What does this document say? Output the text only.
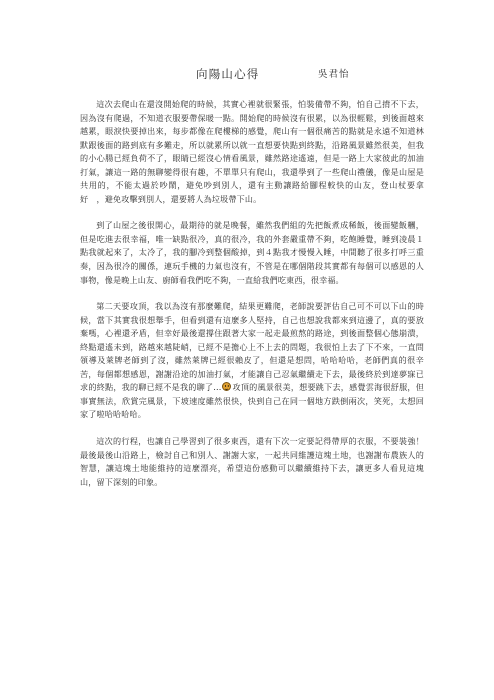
向陽山心得	吳君怡

這次去爬山在還沒開始爬的時候，其實心裡就很緊張，怕裝備帶不夠，怕自己揹不下去，因為沒有爬過，不知道衣服要帶保暖一點。開始爬的時候沒有很累，以為很輕鬆，到後面越來越累，眼淚快要掉出來，每步都像在爬樓梯的感覺，爬山有一個很痛苦的點就是永遠不知道林默跟後面的路到底有多難走，所以就累所以就一直想要快點到終點，沿路風景雖然很美，但我的小心腸已經負荷不了，眼睛已經沒心情看風景，雖然路途遙遠，但是一路上大家彼此的加油打氣，讓這一路的無聊變得很有趣，不單單只有爬山，我還學到了一些爬山禮儀，像是山屋是共用的，不能太過於吵鬧，避免吵到別人，還有主動讓路給腳程較快的山友，登山杖要拿好　，避免攻擊到別人，還要將人為垃圾帶下山。

到了山屋之後很開心，最期待的就是晚餐，雖然我們組的先把飯煮成稀飯，後面變飯糰，但是吃進去很幸福，唯一缺點很冷，真的很冷，我的外套嚴重帶不夠，吃飽睡覺，睡到凌晨１點我就起來了，太冷了，我的腳冷到整個酸掉，到４點我才慢慢入睡，中間聽了很多打呼三重奏，因為很冷的關係，連玩手機的力氣也沒有，不管是在哪個階段其實都有每個可以感恩的人事物，像是晚上山友、廚師看我們吃不夠，一直給我們吃東西，很幸福。

第二天要攻頂，我以為沒有那麼難爬，結果更難爬，老師說要評估自己可不可以下山的時候，當下其實我很想舉手，但看到還有這麼多人堅持，自己也想說我都來到這邊了，真的要放棄嗎，心裡還矛盾，但幸好最後還撐住跟著大家一起走最煎熬的路途，到後面整個心態崩潰，終點還遙未到，路越來越陡峭，已經不是擔心上不上去的問題，我很怕上去了下不來，一直問領導及萊牌老師到了沒，雖然萊牌已經很賴皮了，但還是想問，哈哈哈哈，老師們真的很辛苦，每個都想感恩，謝謝沿途的加油打氣，才能讓自己忍氣繼續走下去，最後終於到達夢寐已求的終點，我的聊已經不是我的聊了... 攻頂的風景很美，想要跳下去，感覺雲海很舒服，但事實無法，欣賞完風景，下坡速度雖然很快，快到自己在同一個地方跌倒兩次，笑死，太想回家了啦哈哈哈哈。

這次的行程，也讓自己學習到了很多東西，還有下次一定要記得帶厚的衣服，不要裝強！最後最後山沿路上，檢討自己和別人、謝謝大家，一起共同維護這塊土地，也謝謝布農族人的智慧，讓這塊土地能維持的這麼漂亮，希望這份感動可以繼續維持下去，讓更多人看見這塊山，留下深刻的印象。
